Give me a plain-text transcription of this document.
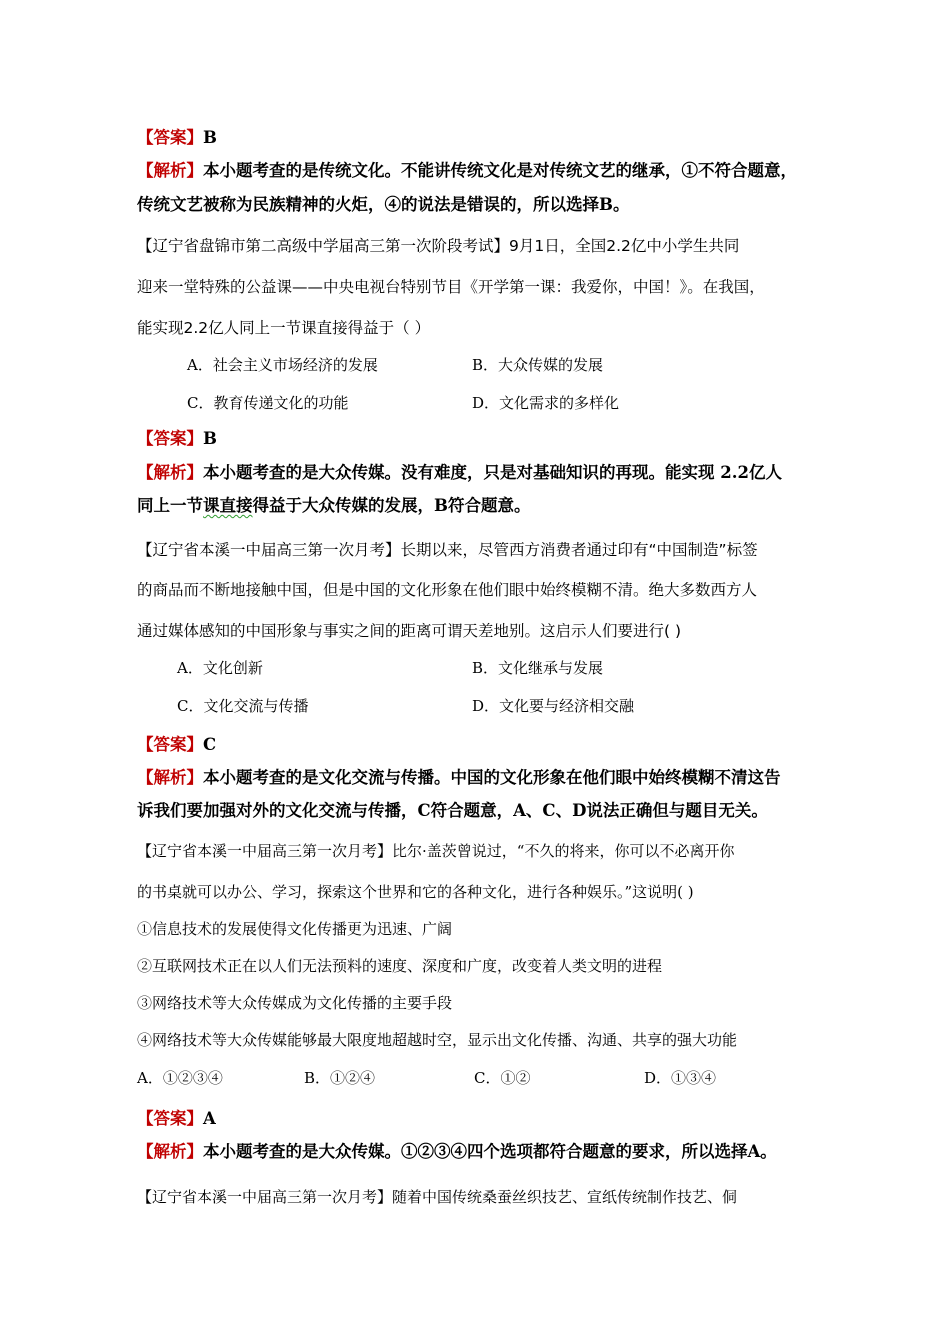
【答案】B
【解析】本小题考查的是传统文化。不能讲传统文化是对传统文艺的继承，①不符合题意，
传统文艺被称为民族精神的火炬，④的说法是错误的，所以选择B。
【辽宁省盘锦市第二高级中学届高三第一次阶段考试】9月1日，全国2.2亿中小学生共同
迎来一堂特殊的公益课——中央电视台特别节目《开学第一课：我爱你，中国！》。在我国，
能实现2.2亿人同上一节课直接得益于（ ）
A．社会主义市场经济的发展	B．大众传媒的发展
C．教育传递文化的功能	D．文化需求的多样化
【答案】B
【解析】本小题考查的是大众传媒。没有难度，只是对基础知识的再现。能实现 2.2亿人
同上一节课直接得益于大众传媒的发展，B符合题意。
【辽宁省本溪一中届高三第一次月考】长期以来，尽管西方消费者通过印有“中国制造”标签
的商品而不断地接触中国，但是中国的文化形象在他们眼中始终模糊不清。绝大多数西方人
通过媒体感知的中国形象与事实之间的距离可谓天差地别。这启示人们要进行( )
A．文化创新	B．文化继承与发展
C．文化交流与传播	D．文化要与经济相交融
【答案】C
【解析】本小题考查的是文化交流与传播。中国的文化形象在他们眼中始终模糊不清这告
诉我们要加强对外的文化交流与传播，C符合题意，A、C、D说法正确但与题目无关。
【辽宁省本溪一中届高三第一次月考】比尔·盖茨曾说过，“不久的将来，你可以不必离开你
的书桌就可以办公、学习，探索这个世界和它的各种文化，进行各种娱乐。”这说明( )
①信息技术的发展使得文化传播更为迅速、广阔
②互联网技术正在以人们无法预料的速度、深度和广度，改变着人类文明的进程
③网络技术等大众传媒成为文化传播的主要手段
④网络技术等大众传媒能够最大限度地超越时空，显示出文化传播、沟通、共享的强大功能
A．①②③④	B．①②④	C．①②	D．①③④
【答案】A
【解析】本小题考查的是大众传媒。①②③④四个选项都符合题意的要求，所以选择A。
【辽宁省本溪一中届高三第一次月考】随着中国传统桑蚕丝织技艺、宣纸传统制作技艺、侗
